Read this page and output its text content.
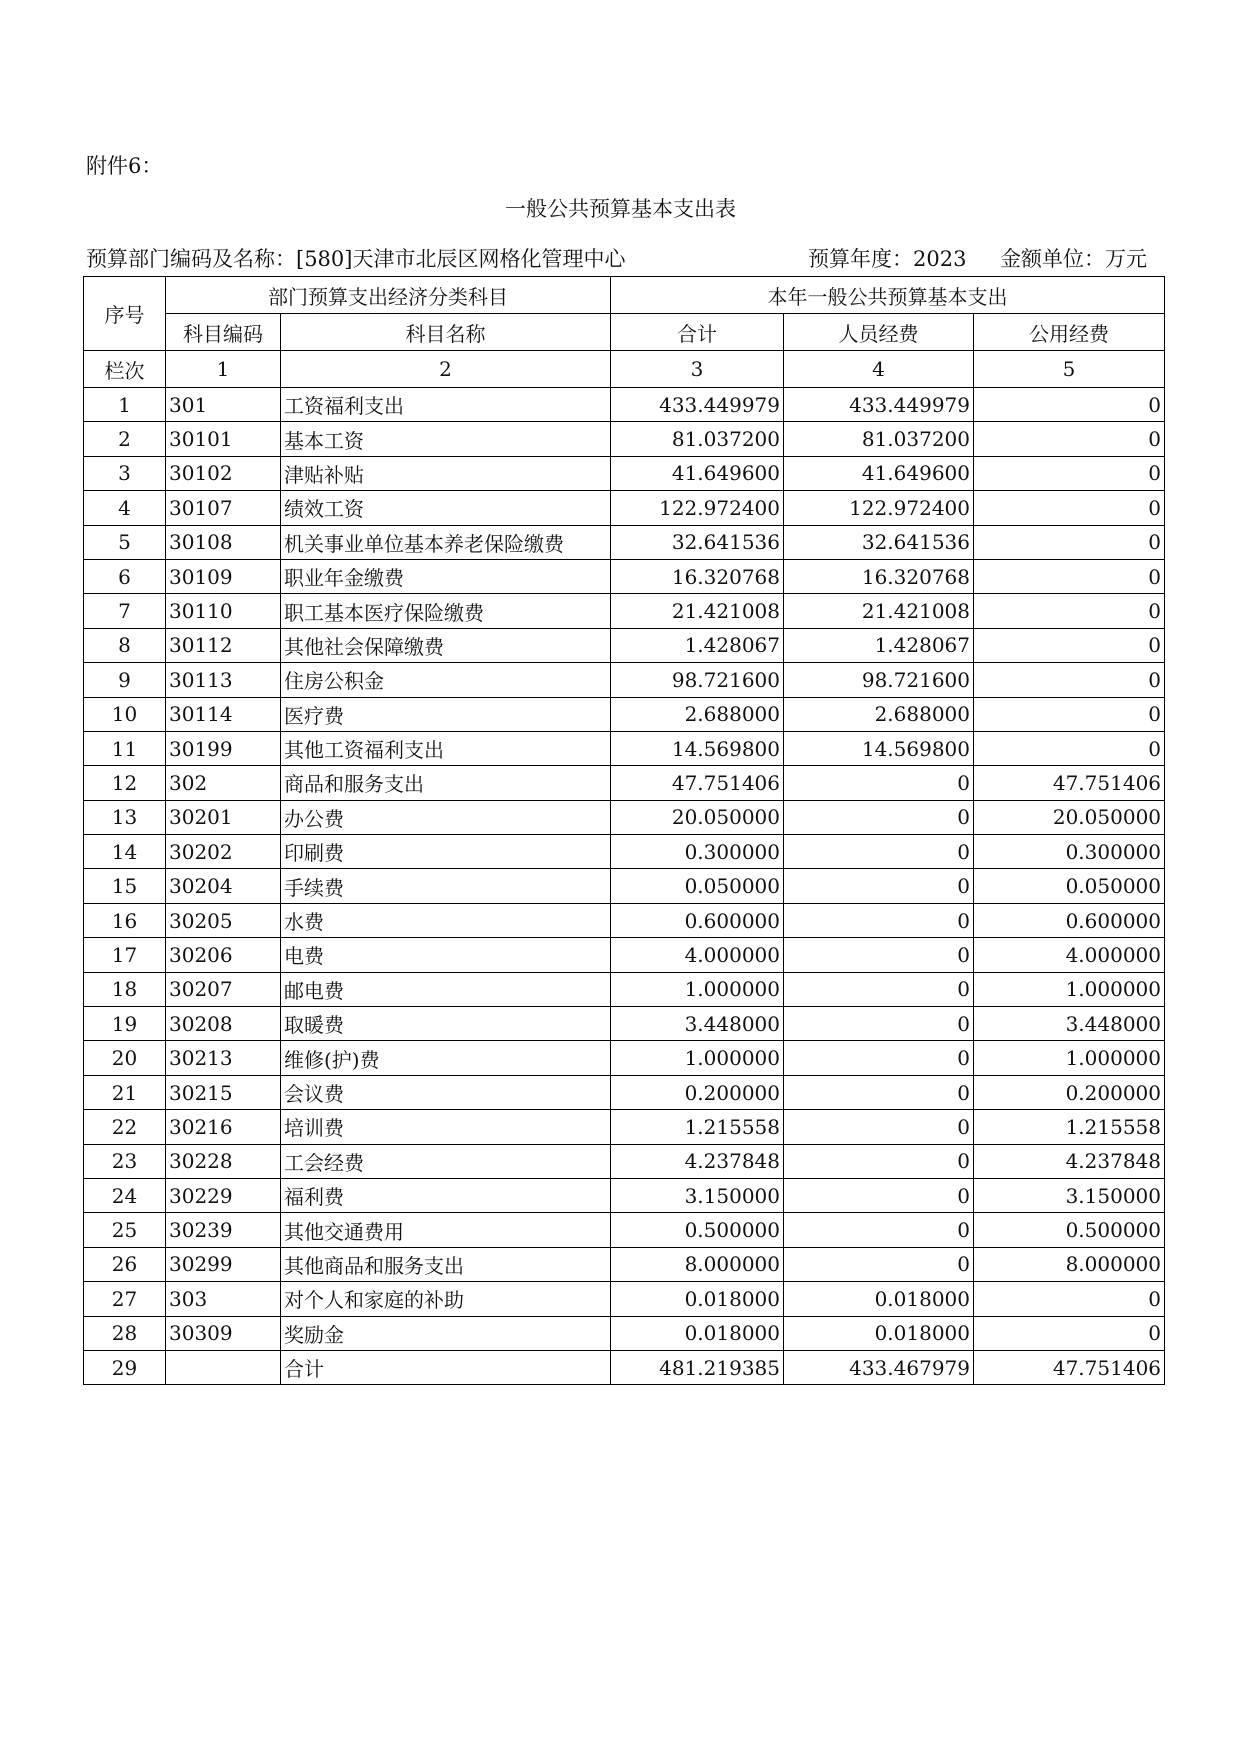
附件6：
一般公共预算基本支出表
预算部门编码及名称：[580]天津市北辰区网格化管理中心	预算年度：2023 金额单位：万元
序号	部门预算支出经济分类科目		本年一般公共预算基本支出		
	科目编码	科目名称	合计	人员经费	公用经费
栏次	1	2	3	4	5
1	301	工资福利支出	433.449979	433.449979	0
2	30101	基本工资	81.037200	81.037200	0
3	30102	津贴补贴	41.649600	41.649600	0
4	30107	绩效工资	122.972400	122.972400	0
5	30108	机关事业单位基本养老保险缴费	32.641536	32.641536	0
6	30109	职业年金缴费	16.320768	16.320768	0
7	30110	职工基本医疗保险缴费	21.421008	21.421008	0
8	30112	其他社会保障缴费	1.428067	1.428067	0
9	30113	住房公积金	98.721600	98.721600	0
10	30114	医疗费	2.688000	2.688000	0
11	30199	其他工资福利支出	14.569800	14.569800	0
12	302	商品和服务支出	47.751406	0	47.751406
13	30201	办公费	20.050000	0	20.050000
14	30202	印刷费	0.300000	0	0.300000
15	30204	手续费	0.050000	0	0.050000
16	30205	水费	0.600000	0	0.600000
17	30206	电费	4.000000	0	4.000000
18	30207	邮电费	1.000000	0	1.000000
19	30208	取暖费	3.448000	0	3.448000
20	30213	维修(护)费	1.000000	0	1.000000
21	30215	会议费	0.200000	0	0.200000
22	30216	培训费	1.215558	0	1.215558
23	30228	工会经费	4.237848	0	4.237848
24	30229	福利费	3.150000	0	3.150000
25	30239	其他交通费用	0.500000	0	0.500000
26	30299	其他商品和服务支出	8.000000	0	8.000000
27	303	对个人和家庭的补助	0.018000	0.018000	0
28	30309	奖励金	0.018000	0.018000	0
29		合计	481.219385	433.467979	47.751406
